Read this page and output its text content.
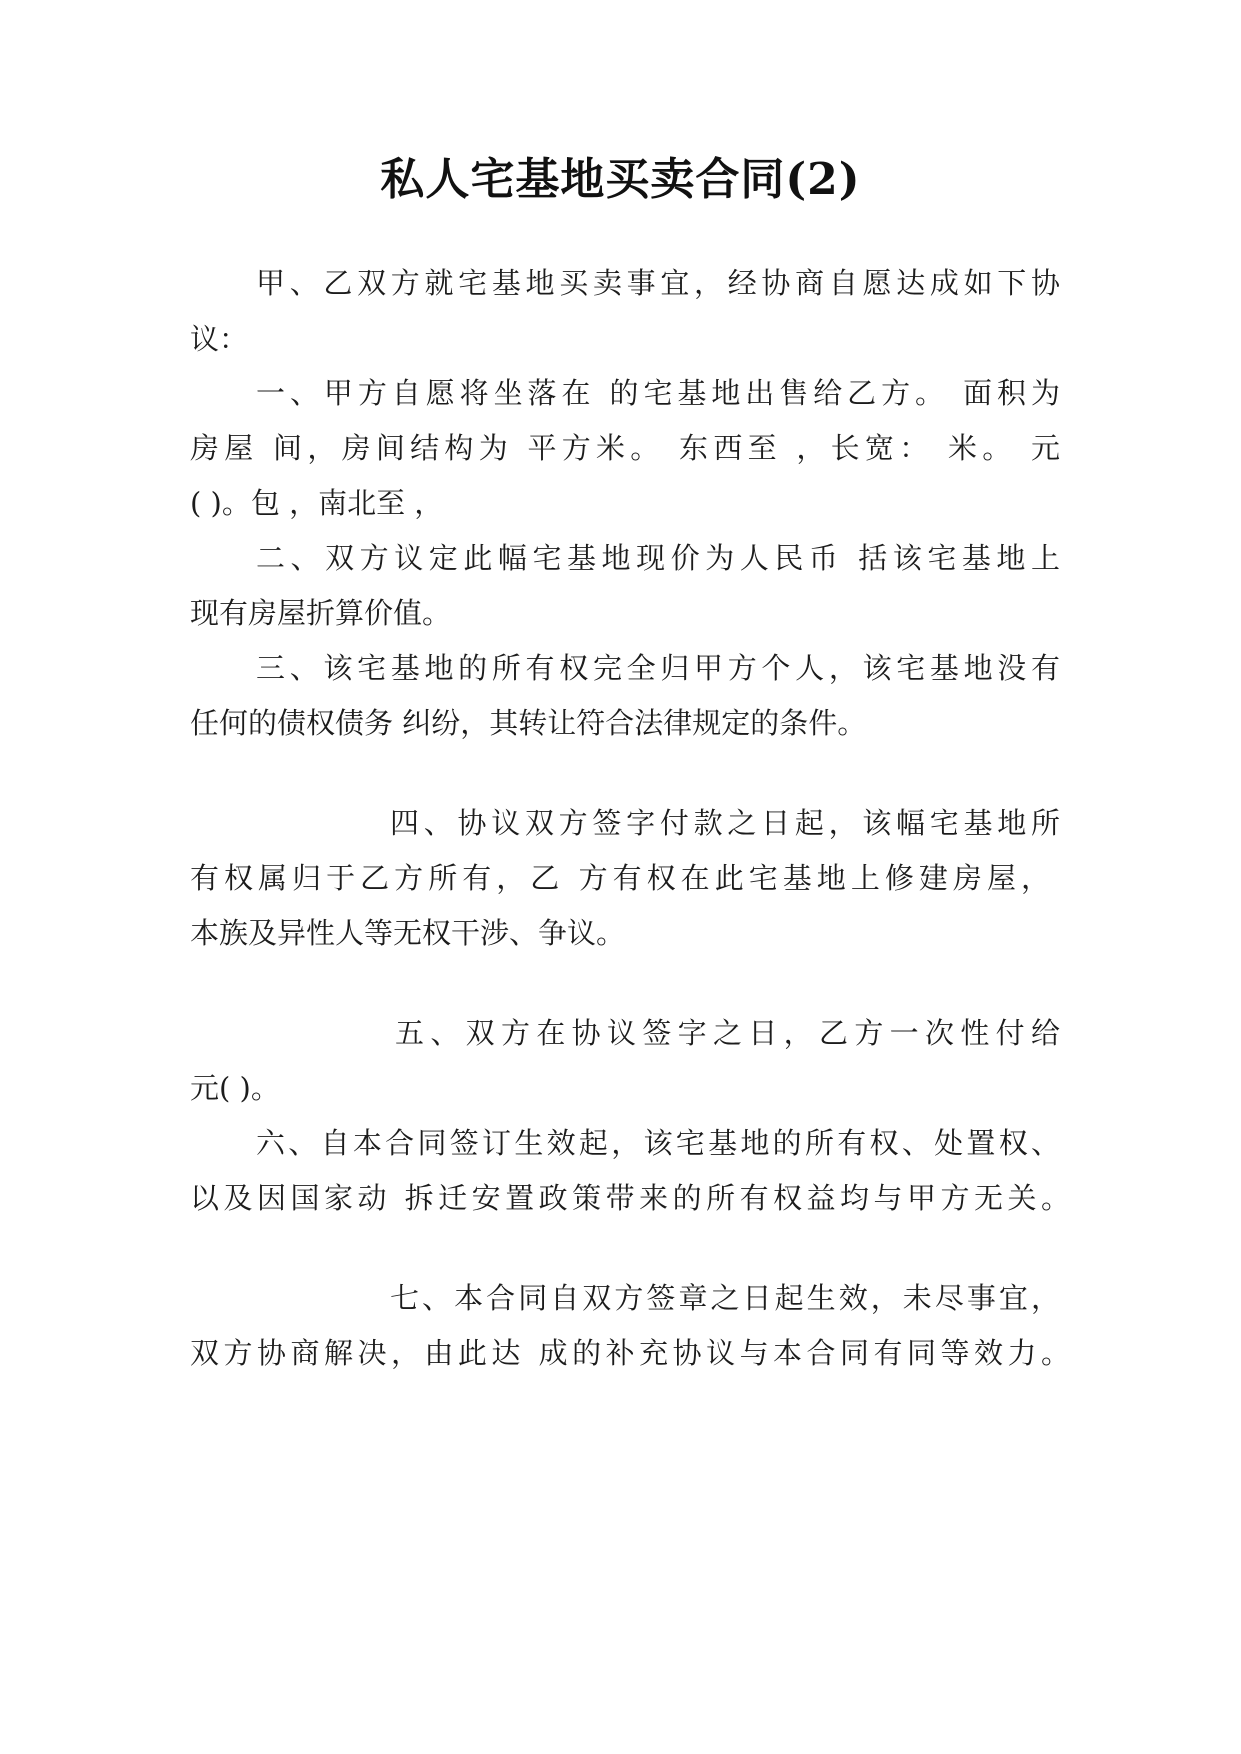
私人宅基地买卖合同(2)
甲、乙双方就宅基地买卖事宜，经协商自愿达成如下协
议：
一、甲方自愿将坐落在 的宅基地出售给乙方。 面积为
房屋 间，房间结构为 平方米。 东西至 ，长宽： 米。 元
( )。包 ，南北至 ，
二、双方议定此幅宅基地现价为人民币 括该宅基地上
现有房屋折算价值。
三、该宅基地的所有权完全归甲方个人，该宅基地没有
任何的债权债务 纠纷，其转让符合法律规定的条件。
四、协议双方签字付款之日起，该幅宅基地所
有权属归于乙方所有，乙 方有权在此宅基地上修建房屋，
本族及异性人等无权干涉、争议。
五、双方在协议签字之日，乙方一次性付给
元( )。
六、自本合同签订生效起，该宅基地的所有权、处置权、
以及因国家动 拆迁安置政策带来的所有权益均与甲方无关。
七、本合同自双方签章之日起生效，未尽事宜，
双方协商解决，由此达 成的补充协议与本合同有同等效力。
